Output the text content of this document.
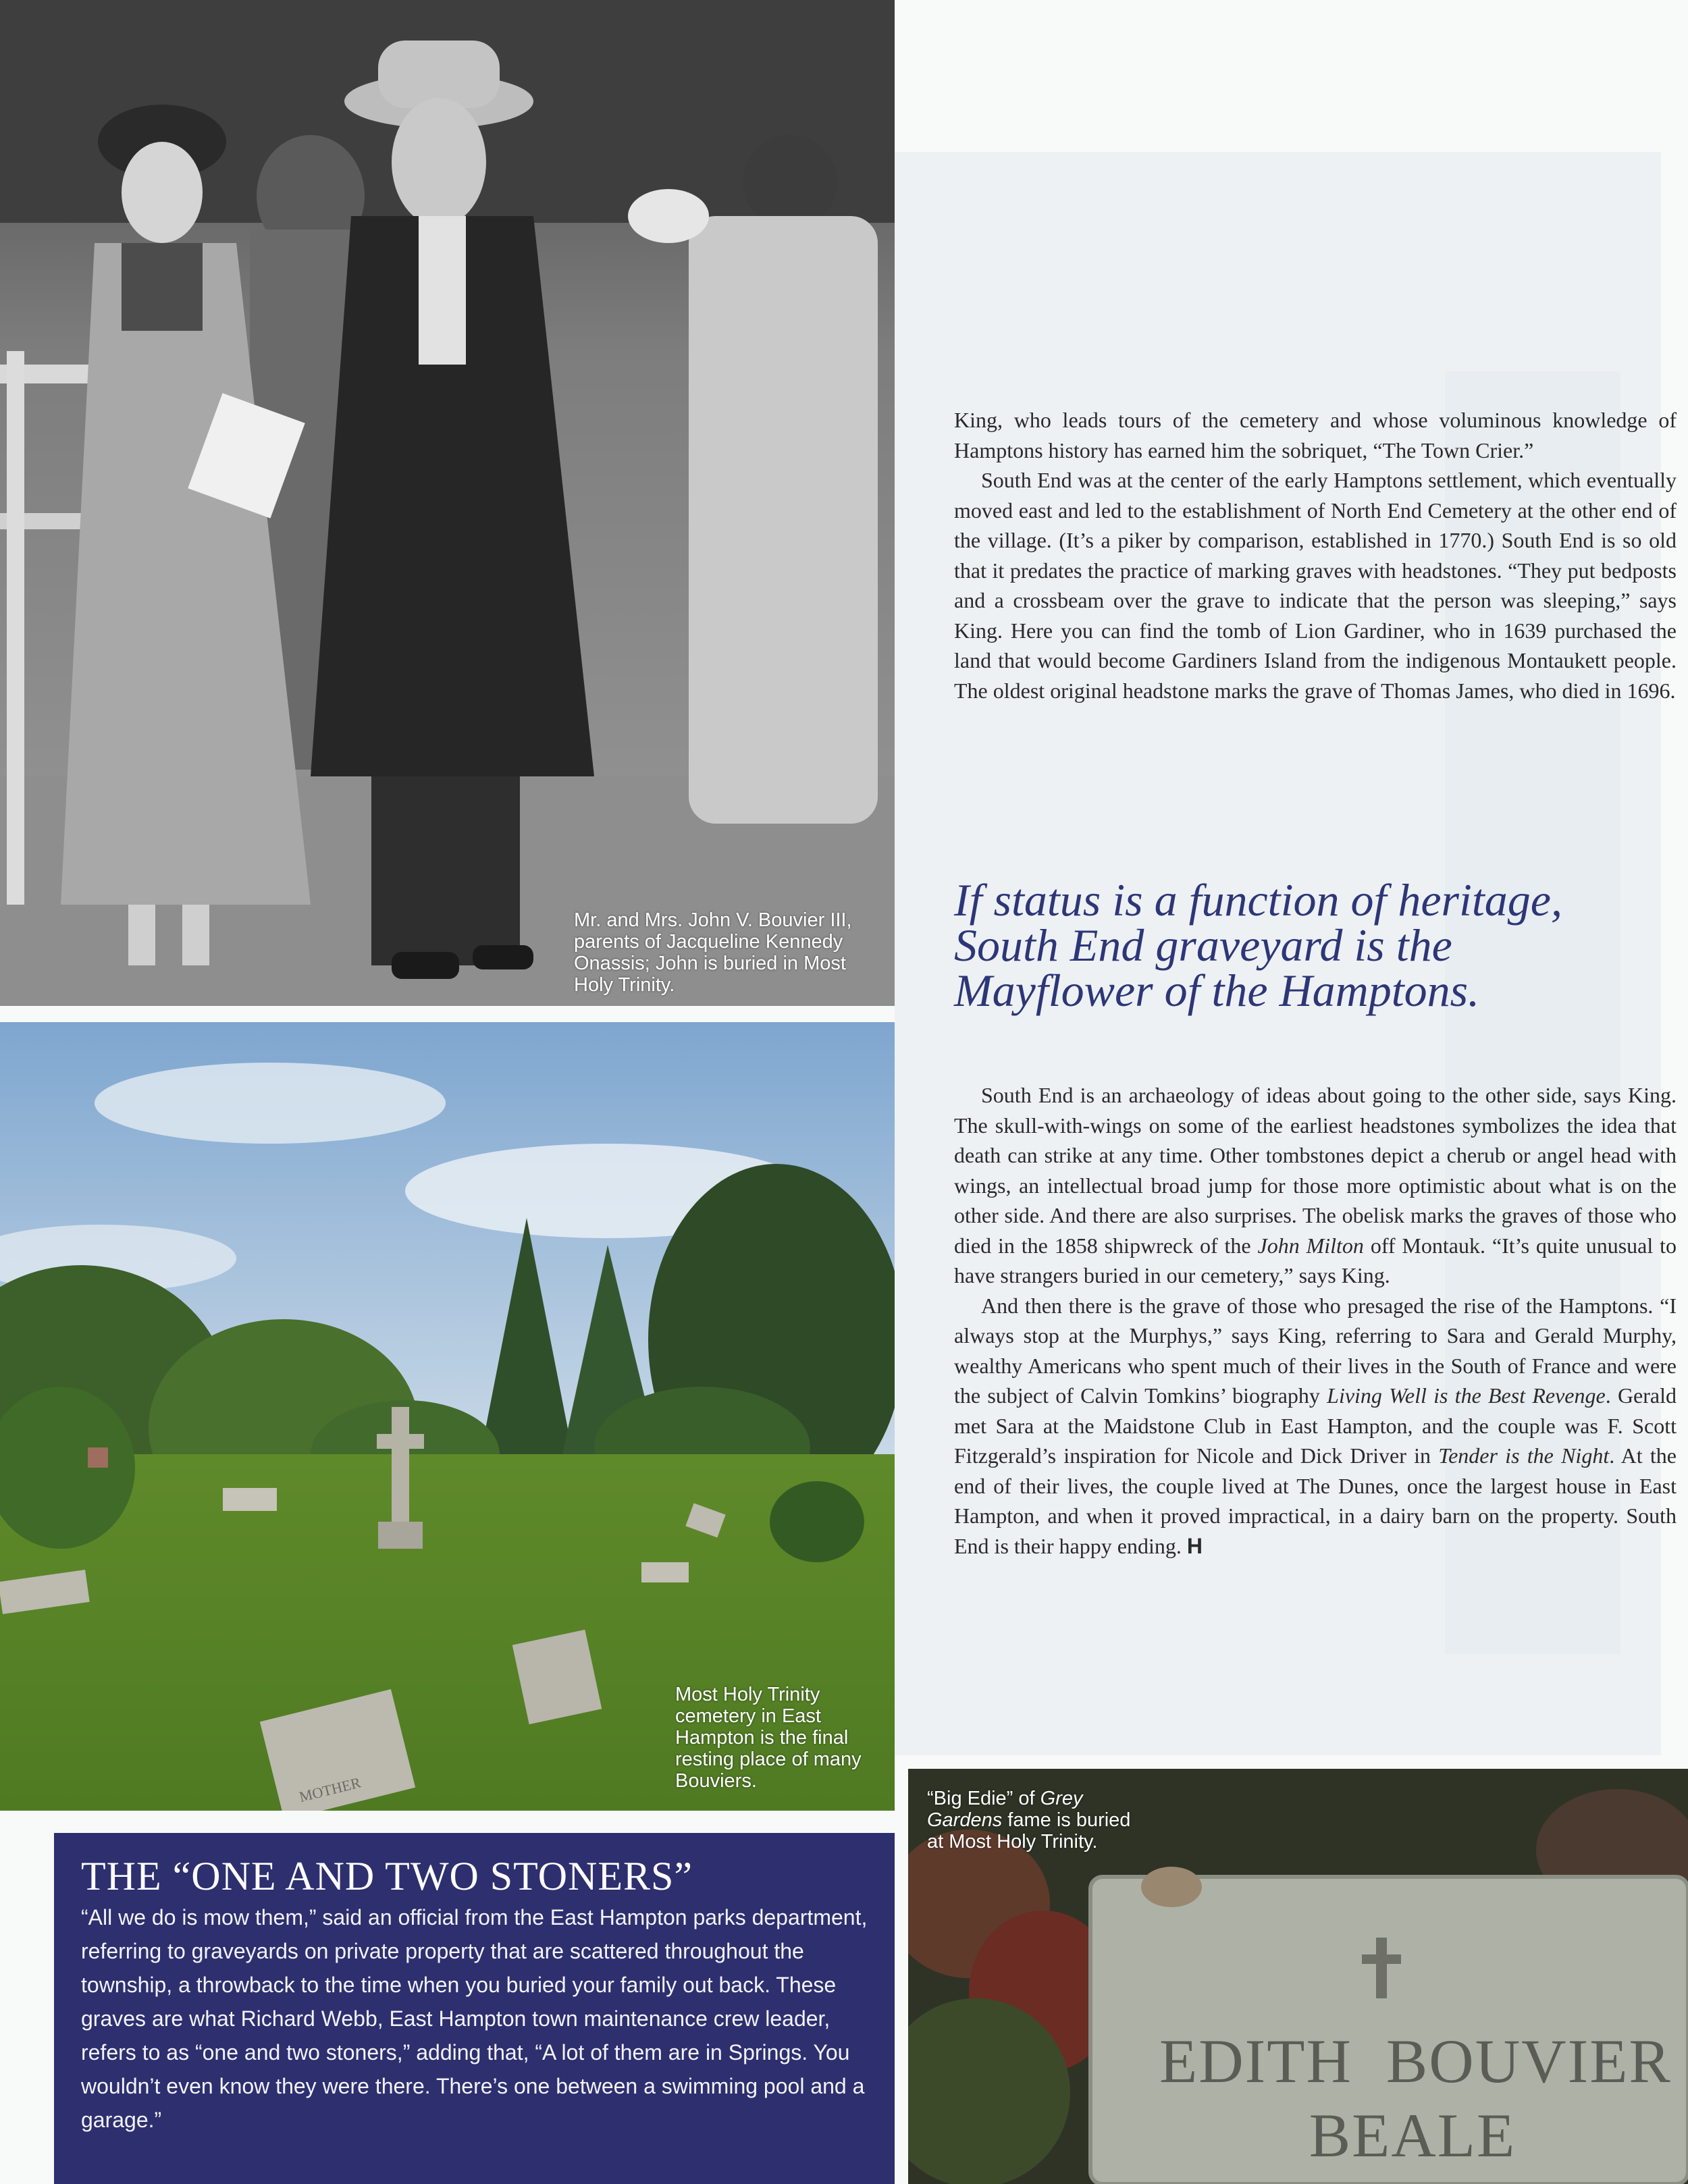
Mr. and Mrs. John V. Bouvier III, parents of Jacqueline Kennedy Onassis; John is buried in Most Holy Trinity.
MOTHER
Most Holy Trinity cemetery in East Hampton is the final resting place of many Bouviers.
EDITH  BOUVIER
BEALE
“Big Edie” of Grey Gardens fame is buried at Most Holy Trinity.

King, who leads tours of the cemetery and whose voluminous knowledge of Hamptons history has earned him the sobriquet, “The Town Crier.”

South End was at the center of the early Hamptons settlement, which eventually moved east and led to the establishment of North End Cemetery at the other end of the village. (It’s a piker by comparison, established in 1770.) South End is so old that it predates the practice of marking graves with headstones. “They put bedposts and a crossbeam over the grave to indicate that the person was sleeping,” says King. Here you can find the tomb of Lion Gardiner, who in 1639 purchased the land that would become Gardiners Island from the indigenous Montaukett people. The oldest original headstone marks the grave of Thomas James, who died in 1696.

If status is a function of heritage,
South End graveyard is the
Mayflower of the Hamptons.

South End is an archaeology of ideas about going to the other side, says King. The skull-with-wings on some of the earliest headstones symbolizes the idea that death can strike at any time. Other tombstones depict a cherub or angel head with wings, an intellectual broad jump for those more optimistic about what is on the other side. And there are also surprises. The obelisk marks the graves of those who died in the 1858 shipwreck of the John Milton off Montauk. “It’s quite unusual to have strangers buried in our cemetery,” says King.

And then there is the grave of those who presaged the rise of the Hamptons. “I always stop at the Murphys,” says King, referring to Sara and Gerald Murphy, wealthy Americans who spent much of their lives in the South of France and were the subject of Calvin Tomkins’ biography Living Well is the Best Revenge. Gerald met Sara at the Maidstone Club in East Hampton, and the couple was F. Scott Fitzgerald’s inspiration for Nicole and Dick Driver in Tender is the Night. At the end of their lives, the couple lived at The Dunes, once the largest house in East Hampton, and when it proved impractical, in a dairy barn on the property. South End is their happy ending. H

THE “ONE AND TWO STONERS”
“All we do is mow them,” said an official from the East Hampton parks department, referring to graveyards on private property that are scattered throughout the township, a throwback to the time when you buried your family out back. These graves are what Richard Webb, East Hampton town maintenance crew leader, refers to as “one and two stoners,” adding that, “A lot of them are in Springs. You wouldn’t even know they were there. There’s one between a swimming pool and a garage.”
